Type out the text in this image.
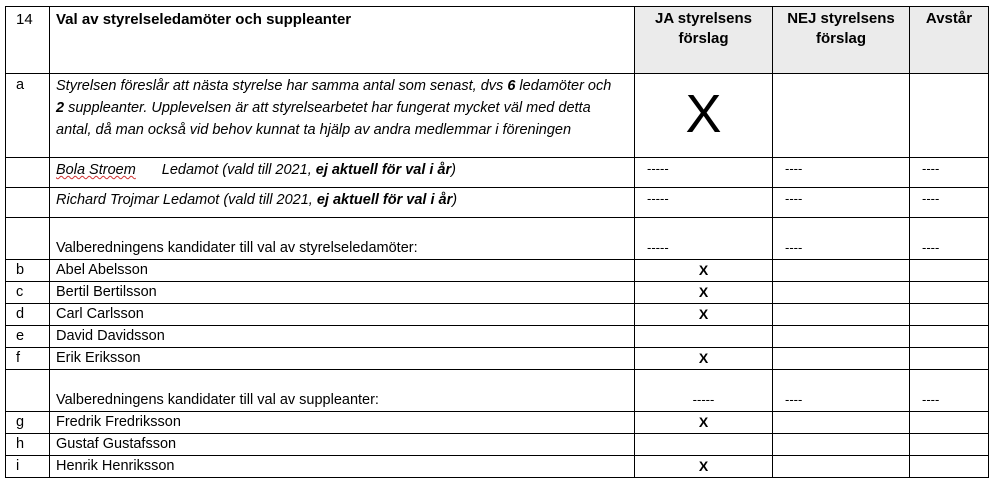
14	Val av styrelseledamöter och suppleanter	JA styrelsens förslag	NEJ styrelsens förslag	Avstår
a	Styrelsen föreslår att nästa styrelse har samma antal som senast, dvs 6 ledamöter och 2 suppleanter. Upplevelsen är att styrelsearbetet har fungerat mycket väl med detta antal, då man också vid behov kunnat ta hjälp av andra medlemmar i föreningen	X		
	Bola Stroem Ledamot (vald till 2021, ej aktuell för val i år)	-----	----	----
	Richard Trojmar Ledamot (vald till 2021, ej aktuell för val i år)	-----	----	----
	Valberedningens kandidater till val av styrelseledamöter:	-----	----	----
b	Abel Abelsson	X		
c	Bertil Bertilsson	X		
d	Carl Carlsson	X		
e	David Davidsson			
f	Erik Eriksson	X		
	Valberedningens kandidater till val av suppleanter:	-----	----	----
g	Fredrik Fredriksson	X		
h	Gustaf Gustafsson			
i	Henrik Henriksson	X		
